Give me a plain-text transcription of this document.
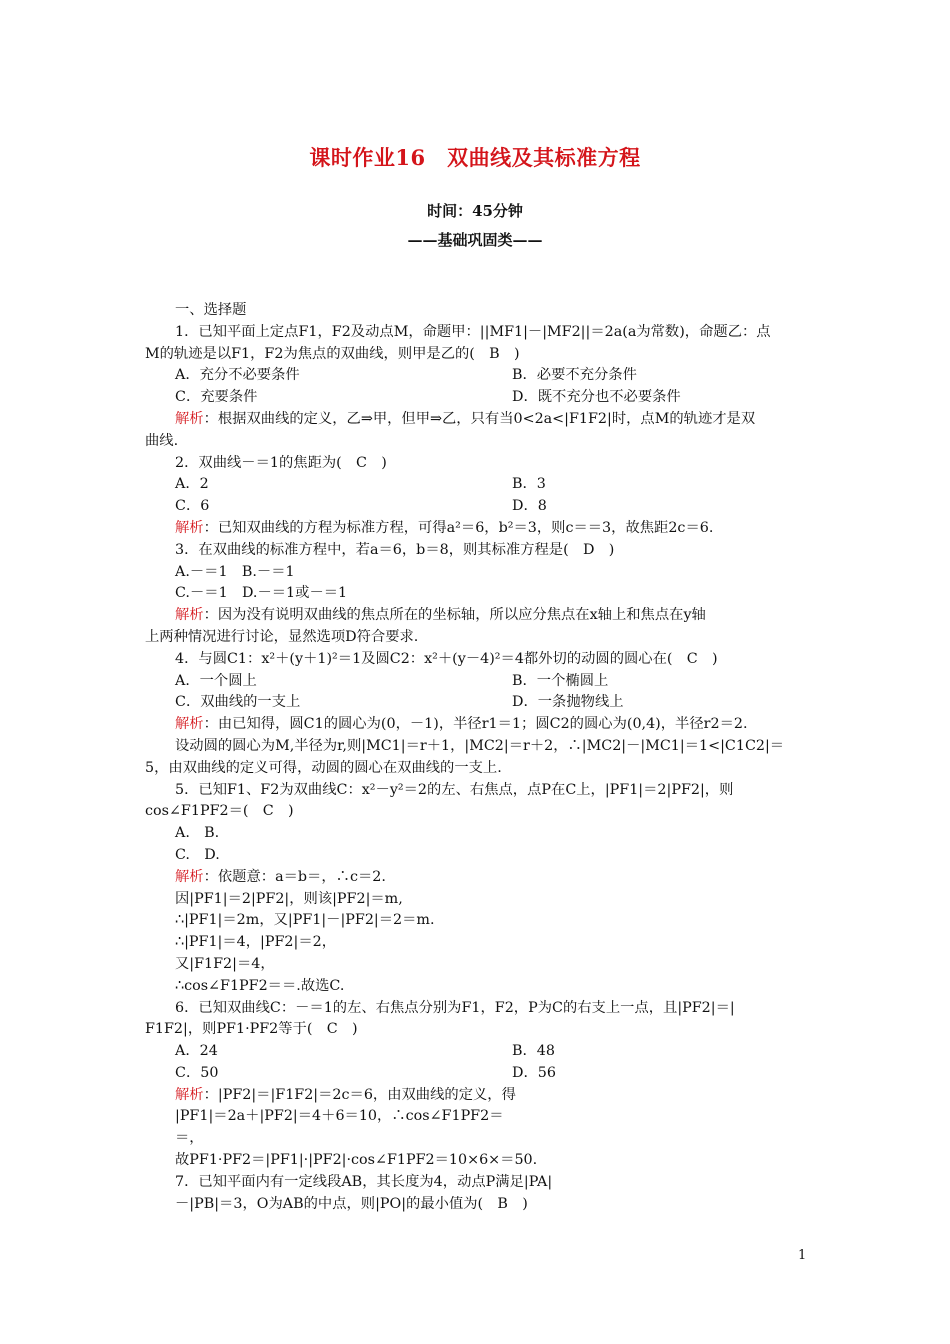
课时作业16　双曲线及其标准方程
时间：45分钟
——基础巩固类——
一、选择题
1．已知平面上定点F1，F2及动点M，命题甲：||MF1|－|MF2||＝2a(a为常数)，命题乙：点
M的轨迹是以F1，F2为焦点的双曲线，则甲是乙的(　B　)
A．充分不必要条件	B．必要不充分条件
C．充要条件	D．既不充分也不必要条件
解析：根据双曲线的定义，乙⇒甲，但甲⇒乙，只有当0<2a<|F1F2|时，点M的轨迹才是双
曲线.
2．双曲线－＝1的焦距为(　C　)
A．2	B．3
C．6	D．8
解析：已知双曲线的方程为标准方程，可得a²＝6，b²＝3，则c＝＝3，故焦距2c＝6.
3．在双曲线的标准方程中，若a＝6，b＝8，则其标准方程是(　D　)
A.－＝1　B.－＝1
C.－＝1　D.－＝1或－＝1
解析：因为没有说明双曲线的焦点所在的坐标轴，所以应分焦点在x轴上和焦点在y轴
上两种情况进行讨论，显然选项D符合要求.
4．与圆C1：x²＋(y＋1)²＝1及圆C2：x²＋(y－4)²＝4都外切的动圆的圆心在(　C　)
A．一个圆上	B．一个椭圆上
C．双曲线的一支上	D．一条抛物线上
解析：由已知得，圆C1的圆心为(0，－1)，半径r1＝1；圆C2的圆心为(0,4)，半径r2＝2.
设动圆的圆心为M,半径为r,则|MC1|＝r＋1，|MC2|＝r＋2，∴|MC2|－|MC1|＝1<|C1C2|＝
5，由双曲线的定义可得，动圆的圆心在双曲线的一支上.
5．已知F1、F2为双曲线C：x²－y²＝2的左、右焦点，点P在C上，|PF1|＝2|PF2|，则
cos∠F1PF2＝(　C　)
A.　B.
C.　D.
解析：依题意：a＝b＝，∴c＝2.
因|PF1|＝2|PF2|，则该|PF2|＝m,
∴|PF1|＝2m，又|PF1|－|PF2|＝2＝m.
∴|PF1|＝4，|PF2|＝2，
又|F1F2|＝4，
∴cos∠F1PF2＝＝.故选C.
6．已知双曲线C：－＝1的左、右焦点分别为F1，F2，P为C的右支上一点，且|PF2|＝|
F1F2|，则PF1·PF2等于(　C　)
A．24	B．48
C．50	D．56
解析：|PF2|＝|F1F2|＝2c＝6，由双曲线的定义，得
|PF1|＝2a＋|PF2|＝4＋6＝10，∴cos∠F1PF2＝
＝，
故PF1·PF2＝|PF1|·|PF2|·cos∠F1PF2＝10×6×＝50.
7．已知平面内有一定线段AB，其长度为4，动点P满足|PA|
－|PB|＝3，O为AB的中点，则|PO|的最小值为(　B　)
1
